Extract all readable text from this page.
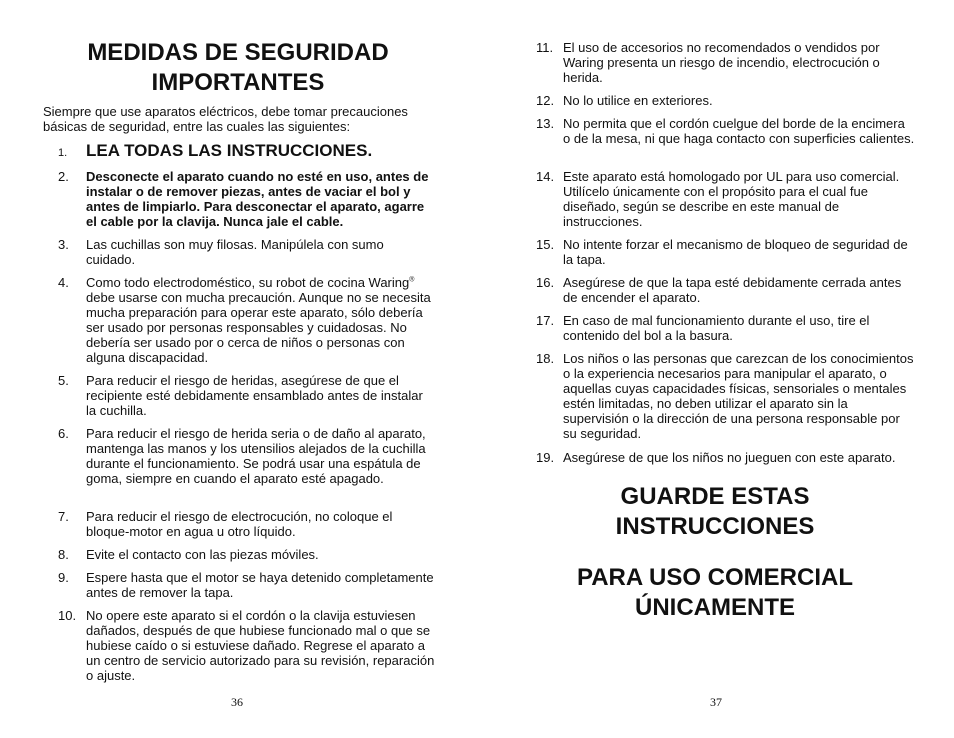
MEDIDAS DE SEGURIDAD
IMPORTANTES

Siempre que use aparatos eléctricos, debe tomar precauciones básicas de seguridad, entre las cuales las siguientes:

1. LEA TODAS LAS INSTRUCCIONES.
2. Desconecte el aparato cuando no esté en uso, antes de instalar o de remover piezas, antes de vaciar el bol y antes de limpiarlo. Para desconectar el aparato, agarre el cable por la clavija. Nunca jale el cable.
3. Las cuchillas son muy filosas. Manipúlela con sumo cuidado.
4. Como todo electrodoméstico, su robot de cocina Waring® debe usarse con mucha precaución. Aunque no se necesita mucha preparación para operar este aparato, sólo debería ser usado por personas responsables y cuidadosas. No debería ser usado por o cerca de niños o personas con alguna discapacidad.
5. Para reducir el riesgo de heridas, asegúrese de que el recipiente esté debidamente ensamblado antes de instalar la cuchilla.
6. Para reducir el riesgo de herida seria o de daño al aparato, mantenga las manos y los utensilios alejados de la cuchilla durante el funcionamiento. Se podrá usar una espátula de goma, siempre en cuando el aparato esté apagado.
7. Para reducir el riesgo de electrocución, no coloque el bloque-motor en agua u otro líquido.
8. Evite el contacto con las piezas móviles.
9. Espere hasta que el motor se haya detenido completamente antes de remover la tapa.
10. No opere este aparato si el cordón o la clavija estuviesen dañados, después de que hubiese funcionado mal o que se hubiese caído o si estuviese dañado. Regrese el aparato a un centro de servicio autorizado para su revisión, reparación o ajuste.
36
11. El uso de accesorios no recomendados o vendidos por Waring presenta un riesgo de incendio, electrocución o herida.
12. No lo utilice en exteriores.
13. No permita que el cordón cuelgue del borde de la encimera o de la mesa, ni que haga contacto con superficies calientes.
14. Este aparato está homologado por UL para uso comercial. Utilícelo únicamente con el propósito para el cual fue diseñado, según se describe en este manual de instrucciones.
15. No intente forzar el mecanismo de bloqueo de seguridad de la tapa.
16. Asegúrese de que la tapa esté debidamente cerrada antes de encender el aparato.
17. En caso de mal funcionamiento durante el uso, tire el contenido del bol a la basura.
18. Los niños o las personas que carezcan de los conocimientos o la experiencia necesarios para manipular el aparato, o aquellas cuyas capacidades físicas, sensoriales o mentales estén limitadas, no deben utilizar el aparato sin la supervisión o la dirección de una persona responsable por su seguridad.
19. Asegúrese de que los niños no jueguen con este aparato.
GUARDE ESTAS
INSTRUCCIONES
PARA USO COMERCIAL
ÚNICAMENTE
37
